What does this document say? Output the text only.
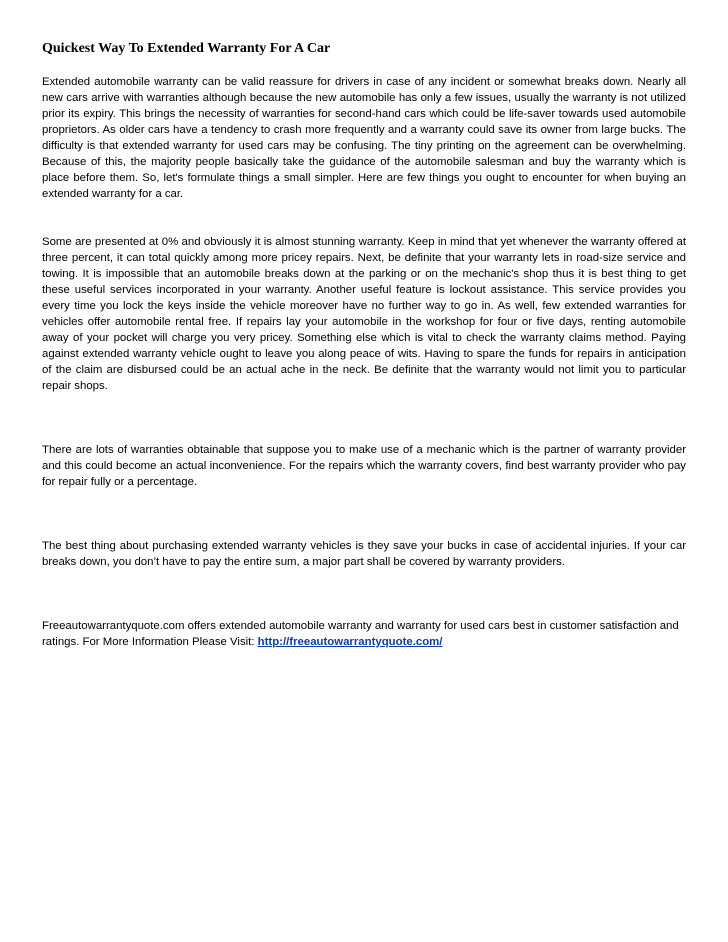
Quickest Way To Extended Warranty For A Car

Extended automobile warranty can be valid reassure for drivers in case of any incident or somewhat breaks down. Nearly all new cars arrive with warranties although because the new automobile has only a few issues, usually the warranty is not utilized prior its expiry. This brings the necessity of warranties for second-hand cars which could be life-saver towards used automobile proprietors. As older cars have a tendency to crash more frequently and a warranty could save its owner from large bucks. The difficulty is that extended warranty for used cars may be confusing. The tiny printing on the agreement can be overwhelming. Because of this, the majority people basically take the guidance of the automobile salesman and buy the warranty which is place before them. So, let's formulate things a small simpler. Here are few things you ought to encounter for when buying an extended warranty for a car.

Some are presented at 0% and obviously it is almost stunning warranty. Keep in mind that yet whenever the warranty offered at three percent, it can total quickly among more pricey repairs. Next, be definite that your warranty lets in road-size service and towing. It is impossible that an automobile breaks down at the parking or on the mechanic's shop thus it is best thing to get these useful services incorporated in your warranty. Another useful feature is lockout assistance. This service provides you every time you lock the keys inside the vehicle moreover have no further way to go in. As well, few extended warranties for vehicles offer automobile rental free. If repairs lay your automobile in the workshop for four or five days, renting automobile away of your pocket will charge you very pricey. Something else which is vital to check the warranty claims method. Paying against extended warranty vehicle ought to leave you along peace of wits. Having to spare the funds for repairs in anticipation of the claim are disbursed could be an actual ache in the neck. Be definite that the warranty would not limit you to particular repair shops.

There are lots of warranties obtainable that suppose you to make use of a mechanic which is the partner of warranty provider and this could become an actual inconvenience. For the repairs which the warranty covers, find best warranty provider who pay for repair fully or a percentage.

The best thing about purchasing extended warranty vehicles is they save your bucks in case of accidental injuries. If your car breaks down, you don’t have to pay the entire sum, a major part shall be covered by warranty providers.

Freeautowarrantyquote.com offers extended automobile warranty and warranty for used cars best in customer satisfaction and ratings. For More Information Please Visit: http://freeautowarrantyquote.com/
